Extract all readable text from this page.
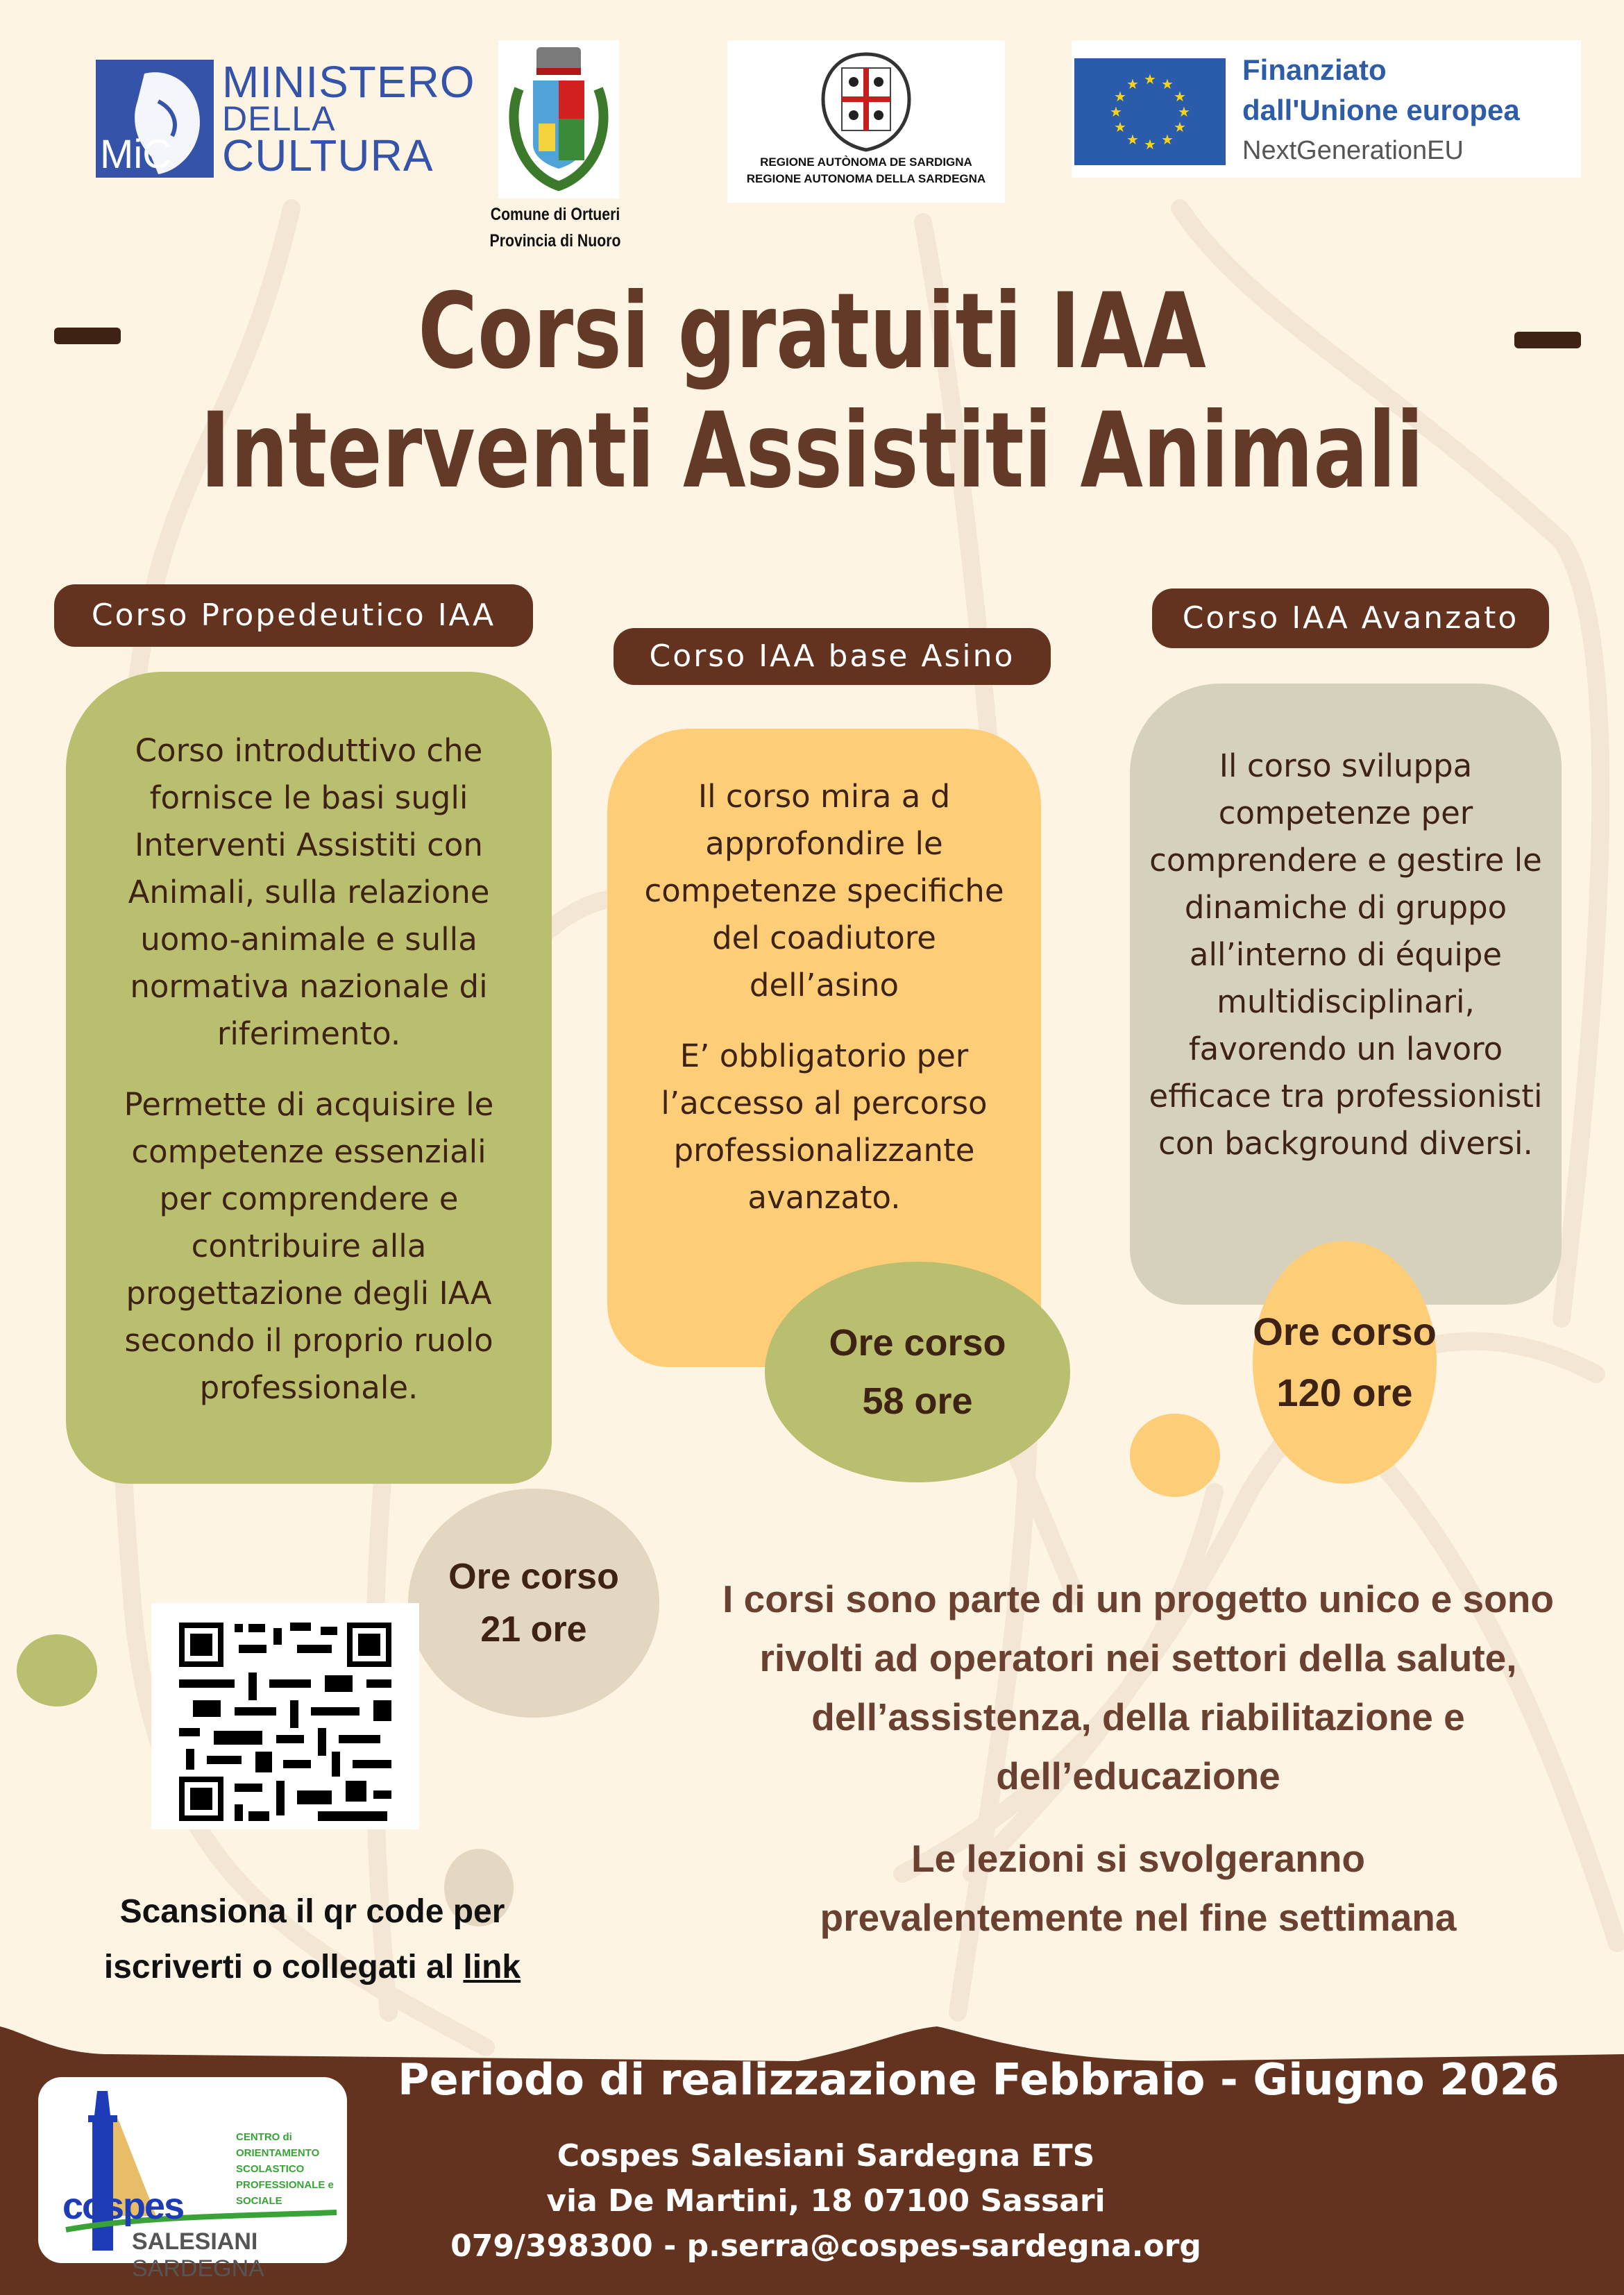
MiC
MINISTERO
DELLA
CULTURA
Comune di Ortueri
Provincia di Nuoro
REGIONE AUTÒNOMA DE SARDIGNA
REGIONE AUTONOMA DELLA SARDEGNA
★ ★
★
★
★
★
★
★
★
★
★
★	Finanziato
dall'Unione europea
NextGenerationEU
Corsi gratuiti IAA
Interventi Assistiti Animali
Corso Propedeutico IAA

Corso introduttivo che fornisce le basi sugli Interventi Assistiti con Animali, sulla relazione uomo-animale e sulla normativa nazionale di riferimento.

Permette di acquisire le competenze essenziali per comprendere e contribuire alla progettazione degli IAA secondo il proprio ruolo professionale.

Ore corso
21 ore
Corso IAA base Asino

Il corso mira a d approfondire le competenze specifiche del coadiutore dell’asino

E’ obbligatorio per l’accesso al percorso professionalizzante avanzato.

Ore corso
58 ore
Corso IAA Avanzato

Il corso sviluppa competenze per comprendere e gestire le dinamiche di gruppo all’interno di équipe multidisciplinari, favorendo un lavoro efficace tra professionisti con background diversi.

Ore corso
120 ore
Scansiona il qr code per
iscriverti o collegati al link
I corsi sono parte di un progetto unico e sono rivolti ad operatori nei settori della salute, dell’assistenza, della riabilitazione e dell’educazione
Le lezioni si svolgeranno prevalentemente nel fine settimana
cospes
CENTRO di
ORIENTAMENTO
SCOLASTICO
PROFESSIONALE e
SOCIALE
SALESIANI SARDEGNA
Periodo di realizzazione Febbraio - Giugno 2026
Cospes Salesiani Sardegna ETS
via De Martini, 18 07100 Sassari
079/398300 - p.serra@cospes-sardegna.org
